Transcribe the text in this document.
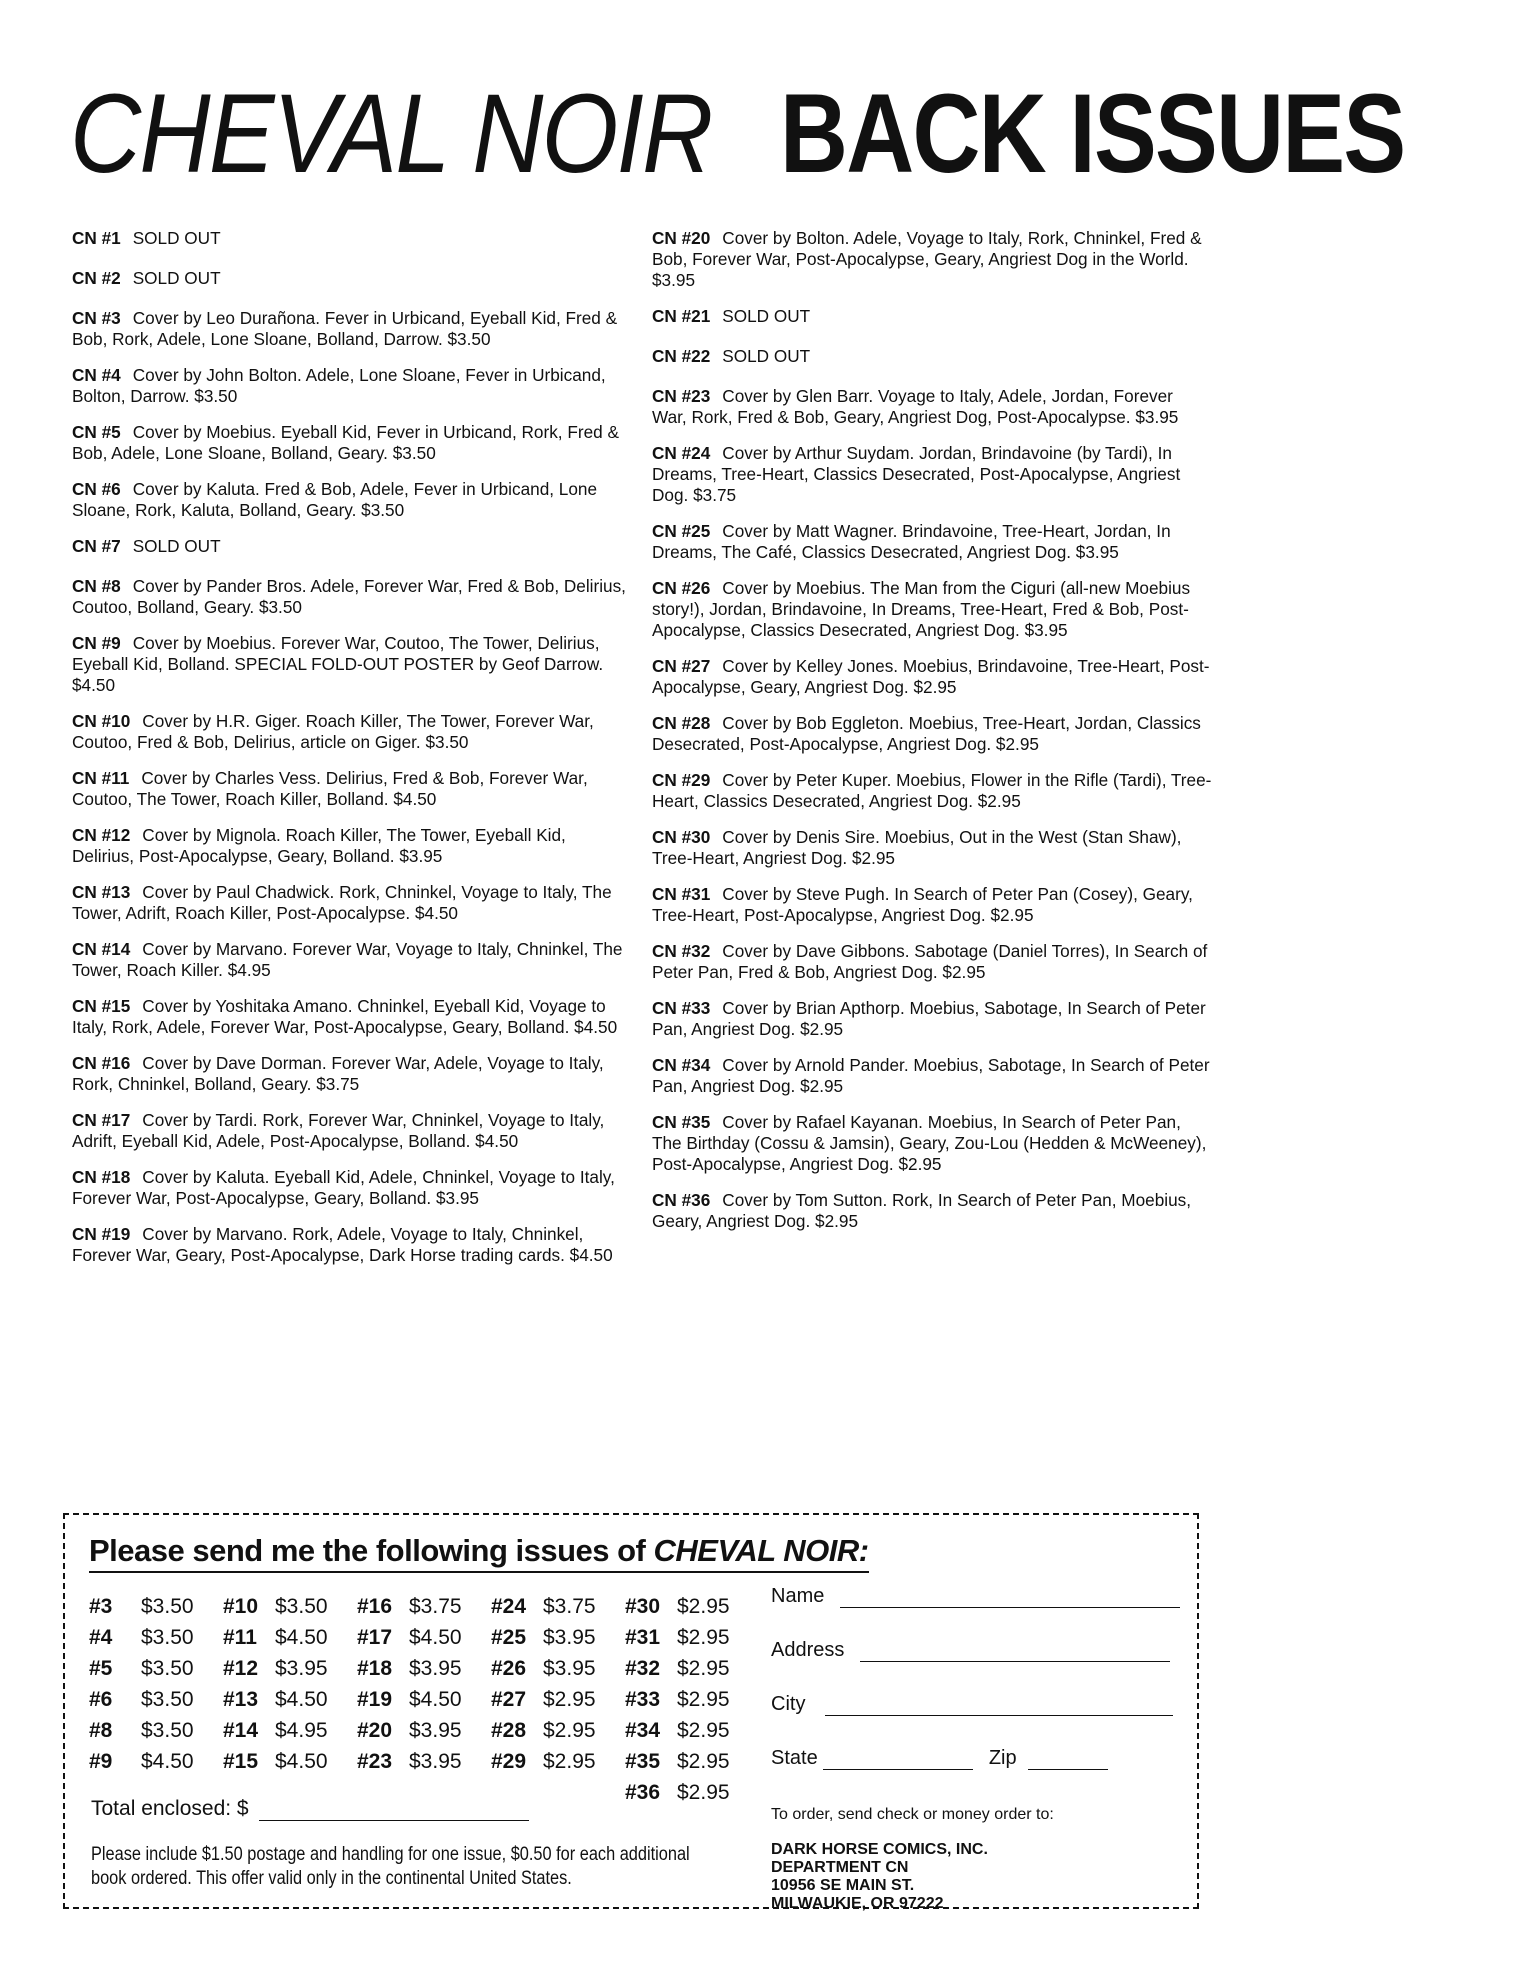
CHEVAL NOIR BACK ISSUES
CN #1 SOLD OUT
CN #2 SOLD OUT
CN #3 Cover by Leo Durañona. Fever in Urbicand, Eyeball Kid, Fred & Bob, Rork, Adele, Lone Sloane, Bolland, Darrow. $3.50
CN #4 Cover by John Bolton. Adele, Lone Sloane, Fever in Urbicand, Bolton, Darrow. $3.50
CN #5 Cover by Moebius. Eyeball Kid, Fever in Urbicand, Rork, Fred & Bob, Adele, Lone Sloane, Bolland, Geary. $3.50
CN #6 Cover by Kaluta. Fred & Bob, Adele, Fever in Urbicand, Lone Sloane, Rork, Kaluta, Bolland, Geary. $3.50
CN #7 SOLD OUT
CN #8 Cover by Pander Bros. Adele, Forever War, Fred & Bob, Delirius, Coutoo, Bolland, Geary. $3.50
CN #9 Cover by Moebius. Forever War, Coutoo, The Tower, Delirius, Eyeball Kid, Bolland. SPECIAL FOLD-OUT POSTER by Geof Darrow. $4.50
CN #10 Cover by H.R. Giger. Roach Killer, The Tower, Forever War, Coutoo, Fred & Bob, Delirius, article on Giger. $3.50
CN #11 Cover by Charles Vess. Delirius, Fred & Bob, Forever War, Coutoo, The Tower, Roach Killer, Bolland. $4.50
CN #12 Cover by Mignola. Roach Killer, The Tower, Eyeball Kid, Delirius, Post-Apocalypse, Geary, Bolland. $3.95
CN #13 Cover by Paul Chadwick. Rork, Chninkel, Voyage to Italy, The Tower, Adrift, Roach Killer, Post-Apocalypse. $4.50
CN #14 Cover by Marvano. Forever War, Voyage to Italy, Chninkel, The Tower, Roach Killer. $4.95
CN #15 Cover by Yoshitaka Amano. Chninkel, Eyeball Kid, Voyage to Italy, Rork, Adele, Forever War, Post-Apocalypse, Geary, Bolland. $4.50
CN #16 Cover by Dave Dorman. Forever War, Adele, Voyage to Italy, Rork, Chninkel, Bolland, Geary. $3.75
CN #17 Cover by Tardi. Rork, Forever War, Chninkel, Voyage to Italy, Adrift, Eyeball Kid, Adele, Post-Apocalypse, Bolland. $4.50
CN #18 Cover by Kaluta. Eyeball Kid, Adele, Chninkel, Voyage to Italy, Forever War, Post-Apocalypse, Geary, Bolland. $3.95
CN #19 Cover by Marvano. Rork, Adele, Voyage to Italy, Chninkel, Forever War, Geary, Post-Apocalypse, Dark Horse trading cards. $4.50
CN #20 Cover by Bolton. Adele, Voyage to Italy, Rork, Chninkel, Fred & Bob, Forever War, Post-Apocalypse, Geary, Angriest Dog in the World. $3.95
CN #21 SOLD OUT
CN #22 SOLD OUT
CN #23 Cover by Glen Barr. Voyage to Italy, Adele, Jordan, Forever War, Rork, Fred & Bob, Geary, Angriest Dog, Post-Apocalypse. $3.95
CN #24 Cover by Arthur Suydam. Jordan, Brindavoine (by Tardi), In Dreams, Tree-Heart, Classics Desecrated, Post-Apocalypse, Angriest Dog. $3.75
CN #25 Cover by Matt Wagner. Brindavoine, Tree-Heart, Jordan, In Dreams, The Café, Classics Desecrated, Angriest Dog. $3.95
CN #26 Cover by Moebius. The Man from the Ciguri (all-new Moebius story!), Jordan, Brindavoine, In Dreams, Tree-Heart, Fred & Bob, Post-Apocalypse, Classics Desecrated, Angriest Dog. $3.95
CN #27 Cover by Kelley Jones. Moebius, Brindavoine, Tree-Heart, Post-Apocalypse, Geary, Angriest Dog. $2.95
CN #28 Cover by Bob Eggleton. Moebius, Tree-Heart, Jordan, Classics Desecrated, Post-Apocalypse, Angriest Dog. $2.95
CN #29 Cover by Peter Kuper. Moebius, Flower in the Rifle (Tardi), Tree-Heart, Classics Desecrated, Angriest Dog. $2.95
CN #30 Cover by Denis Sire. Moebius, Out in the West (Stan Shaw), Tree-Heart, Angriest Dog. $2.95
CN #31 Cover by Steve Pugh. In Search of Peter Pan (Cosey), Geary, Tree-Heart, Post-Apocalypse, Angriest Dog. $2.95
CN #32 Cover by Dave Gibbons. Sabotage (Daniel Torres), In Search of Peter Pan, Fred & Bob, Angriest Dog. $2.95
CN #33 Cover by Brian Apthorp. Moebius, Sabotage, In Search of Peter Pan, Angriest Dog. $2.95
CN #34 Cover by Arnold Pander. Moebius, Sabotage, In Search of Peter Pan, Angriest Dog. $2.95
CN #35 Cover by Rafael Kayanan. Moebius, In Search of Peter Pan, The Birthday (Cossu & Jamsin), Geary, Zou-Lou (Hedden & McWeeney), Post-Apocalypse, Angriest Dog. $2.95
CN #36 Cover by Tom Sutton. Rork, In Search of Peter Pan, Moebius, Geary, Angriest Dog. $2.95
Please send me the following issues of CHEVAL NOIR:
#3 $3.50	#10 $3.50	#16 $3.75	#24 $3.75	#30 $2.95
#4 $3.50	#11 $4.50	#17 $4.50	#25 $3.95	#31 $2.95
#5 $3.50	#12 $3.95	#18 $3.95	#26 $3.95	#32 $2.95
#6 $3.50	#13 $4.50	#19 $4.50	#27 $2.95	#33 $2.95
#8 $3.50	#14 $4.95	#20 $3.95	#28 $2.95	#34 $2.95
#9 $4.50	#15 $4.50	#23 $3.95	#29 $2.95	#35 $2.95
#36 $2.95
Total enclosed: $
Please include $1.50 postage and handling for one issue, $0.50 for each additional book ordered. This offer valid only in the continental United States.
Name
Address
City
State	Zip
To order, send check or money order to:
DARK HORSE COMICS, INC.
DEPARTMENT CN
10956 SE MAIN ST.
MILWAUKIE, OR 97222
